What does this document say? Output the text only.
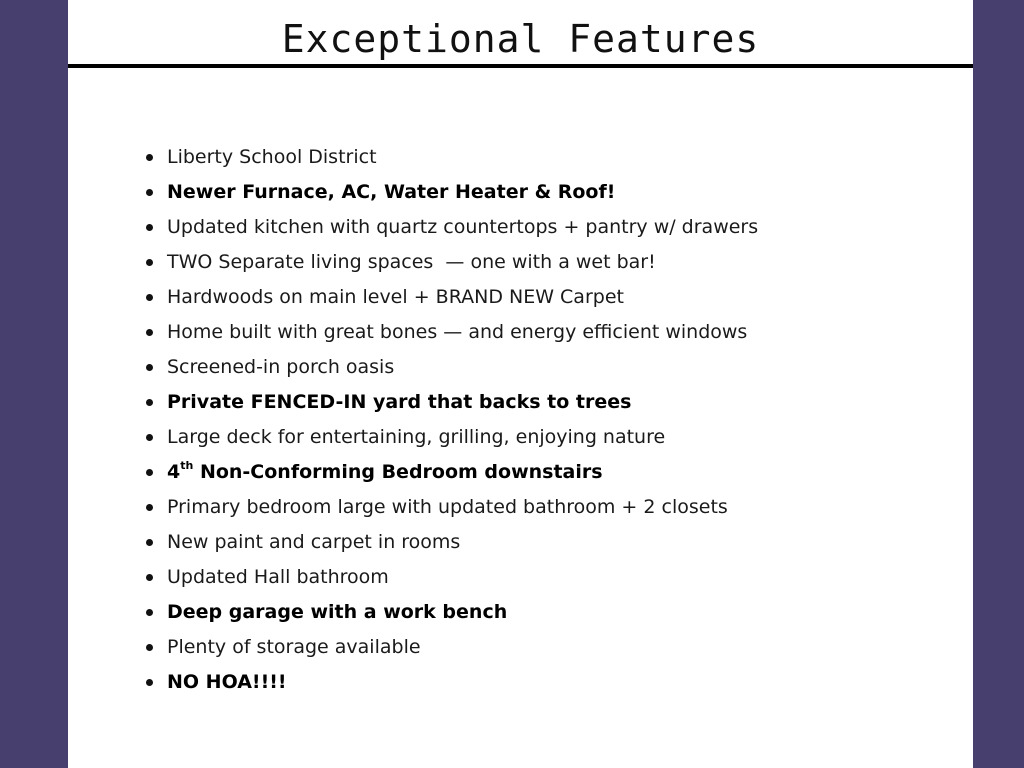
Exceptional Features
Liberty School District
Newer Furnace, AC, Water Heater & Roof!
Updated kitchen with quartz countertops + pantry w/ drawers
TWO Separate living spaces  — one with a wet bar!
Hardwoods on main level + BRAND NEW Carpet
Home built with great bones — and energy efficient windows
Screened-in porch oasis
Private FENCED-IN yard that backs to trees
Large deck for entertaining, grilling, enjoying nature
4th Non-Conforming Bedroom downstairs
Primary bedroom large with updated bathroom + 2 closets
New paint and carpet in rooms
Updated Hall bathroom
Deep garage with a work bench
Plenty of storage available
NO HOA!!!!
